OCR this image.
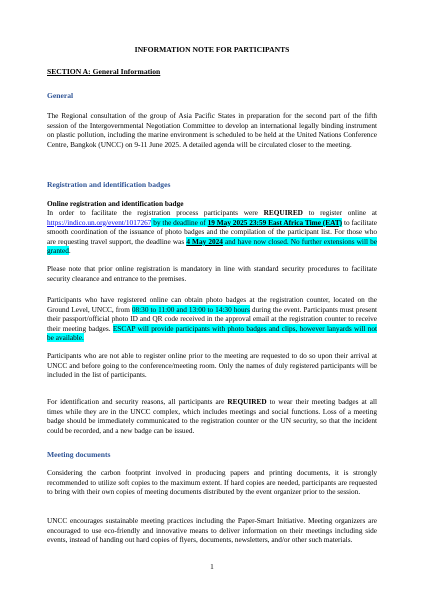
INFORMATION NOTE FOR PARTICIPANTS
SECTION A: General Information
General
The Regional consultation of the group of Asia Pacific States in preparation for the second part of the fifth session of the Intergovernmental Negotiation Committee to develop an international legally binding instrument on plastic pollution, including the marine environment is scheduled to be held at the United Nations Conference Centre, Bangkok (UNCC) on 9-11 June 2025. A detailed agenda will be circulated closer to the meeting.
Registration and identification badges
Online registration and identification badge
In order to facilitate the registration process participants were REQUIRED to register online at https://indico.un.org/event/1017267 by the deadline of 19 May 2025 23:59 East Africa Time (EAT) to facilitate smooth coordination of the issuance of photo badges and the compilation of the participant list. For those who are requesting travel support, the deadline was 4 May 2024 and have now closed. No further extensions will be granted.
Please note that prior online registration is mandatory in line with standard security procedures to facilitate security clearance and entrance to the premises.
Participants who have registered online can obtain photo badges at the registration counter, located on the Ground Level, UNCC, from 08:30 to 11:00 and 13:00 to 14:30 hours during the event. Participants must present their passport/official photo ID and QR code received in the approval email at the registration counter to receive their meeting badges. ESCAP will provide participants with photo badges and clips, however lanyards will not be available.
Participants who are not able to register online prior to the meeting are requested to do so upon their arrival at UNCC and before going to the conference/meeting room. Only the names of duly registered participants will be included in the list of participants.
For identification and security reasons, all participants are REQUIRED to wear their meeting badges at all times while they are in the UNCC complex, which includes meetings and social functions. Loss of a meeting badge should be immediately communicated to the registration counter or the UN security, so that the incident could be recorded, and a new badge can be issued.
Meeting documents
Considering the carbon footprint involved in producing papers and printing documents, it is strongly recommended to utilize soft copies to the maximum extent. If hard copies are needed, participants are requested to bring with their own copies of meeting documents distributed by the event organizer prior to the session.
UNCC encourages sustainable meeting practices including the Paper-Smart Initiative. Meeting organizers are encouraged to use eco-friendly and innovative means to deliver information on their meetings including side events, instead of handing out hard copies of flyers, documents, newsletters, and/or other such materials.
1
